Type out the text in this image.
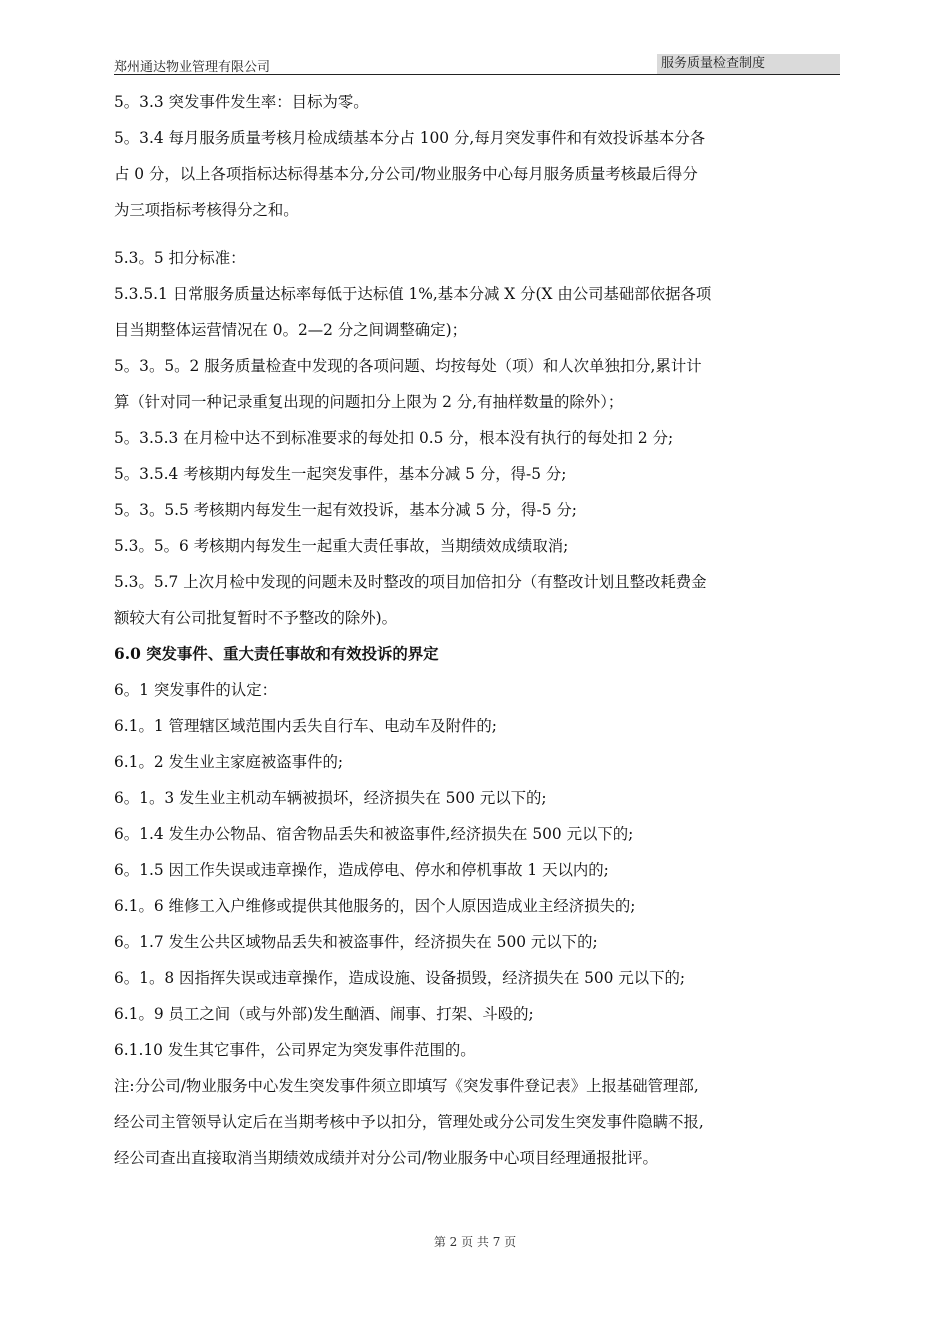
郑州通达物业管理有限公司	服务质量检查制度
5。3.3 突发事件发生率：目标为零。
5。3.4 每月服务质量考核月检成绩基本分占 100 分,每月突发事件和有效投诉基本分各
占 0 分，以上各项指标达标得基本分,分公司/物业服务中心每月服务质量考核最后得分
为三项指标考核得分之和。
5.3。5 扣分标准：
5.3.5.1 日常服务质量达标率每低于达标值 1%,基本分减 X 分(X 由公司基础部依据各项
目当期整体运营情况在 0。2—2 分之间调整确定)；
5。3。5。2 服务质量检查中发现的各项问题、均按每处（项）和人次单独扣分,累计计
算（针对同一种记录重复出现的问题扣分上限为 2 分,有抽样数量的除外）；
5。3.5.3 在月检中达不到标准要求的每处扣 0.5 分，根本没有执行的每处扣 2 分;
5。3.5.4 考核期内每发生一起突发事件，基本分减 5 分，得-5 分;
5。3。5.5 考核期内每发生一起有效投诉，基本分减 5 分，得-5 分;
5.3。5。6 考核期内每发生一起重大责任事故，当期绩效成绩取消;
5.3。5.7 上次月检中发现的问题未及时整改的项目加倍扣分（有整改计划且整改耗费金
额较大有公司批复暂时不予整改的除外)。
6.0 突发事件、重大责任事故和有效投诉的界定
6。1 突发事件的认定：
6.1。1 管理辖区域范围内丢失自行车、电动车及附件的;
6.1。2 发生业主家庭被盗事件的;
6。1。3 发生业主机动车辆被损坏，经济损失在 500 元以下的;
6。1.4 发生办公物品、宿舍物品丢失和被盗事件,经济损失在 500 元以下的;
6。1.5 因工作失误或违章操作，造成停电、停水和停机事故 1 天以内的;
6.1。6 维修工入户维修或提供其他服务的，因个人原因造成业主经济损失的;
6。1.7 发生公共区域物品丢失和被盗事件，经济损失在 500 元以下的;
6。1。8 因指挥失误或违章操作，造成设施、设备损毁，经济损失在 500 元以下的;
6.1。9 员工之间（或与外部)发生酗酒、闹事、打架、斗殴的;
6.1.10 发生其它事件，公司界定为突发事件范围的。
注:分公司/物业服务中心发生突发事件须立即填写《突发事件登记表》上报基础管理部,
经公司主管领导认定后在当期考核中予以扣分，管理处或分公司发生突发事件隐瞒不报,
经公司查出直接取消当期绩效成绩并对分公司/物业服务中心项目经理通报批评。
第 2 页 共 7 页
